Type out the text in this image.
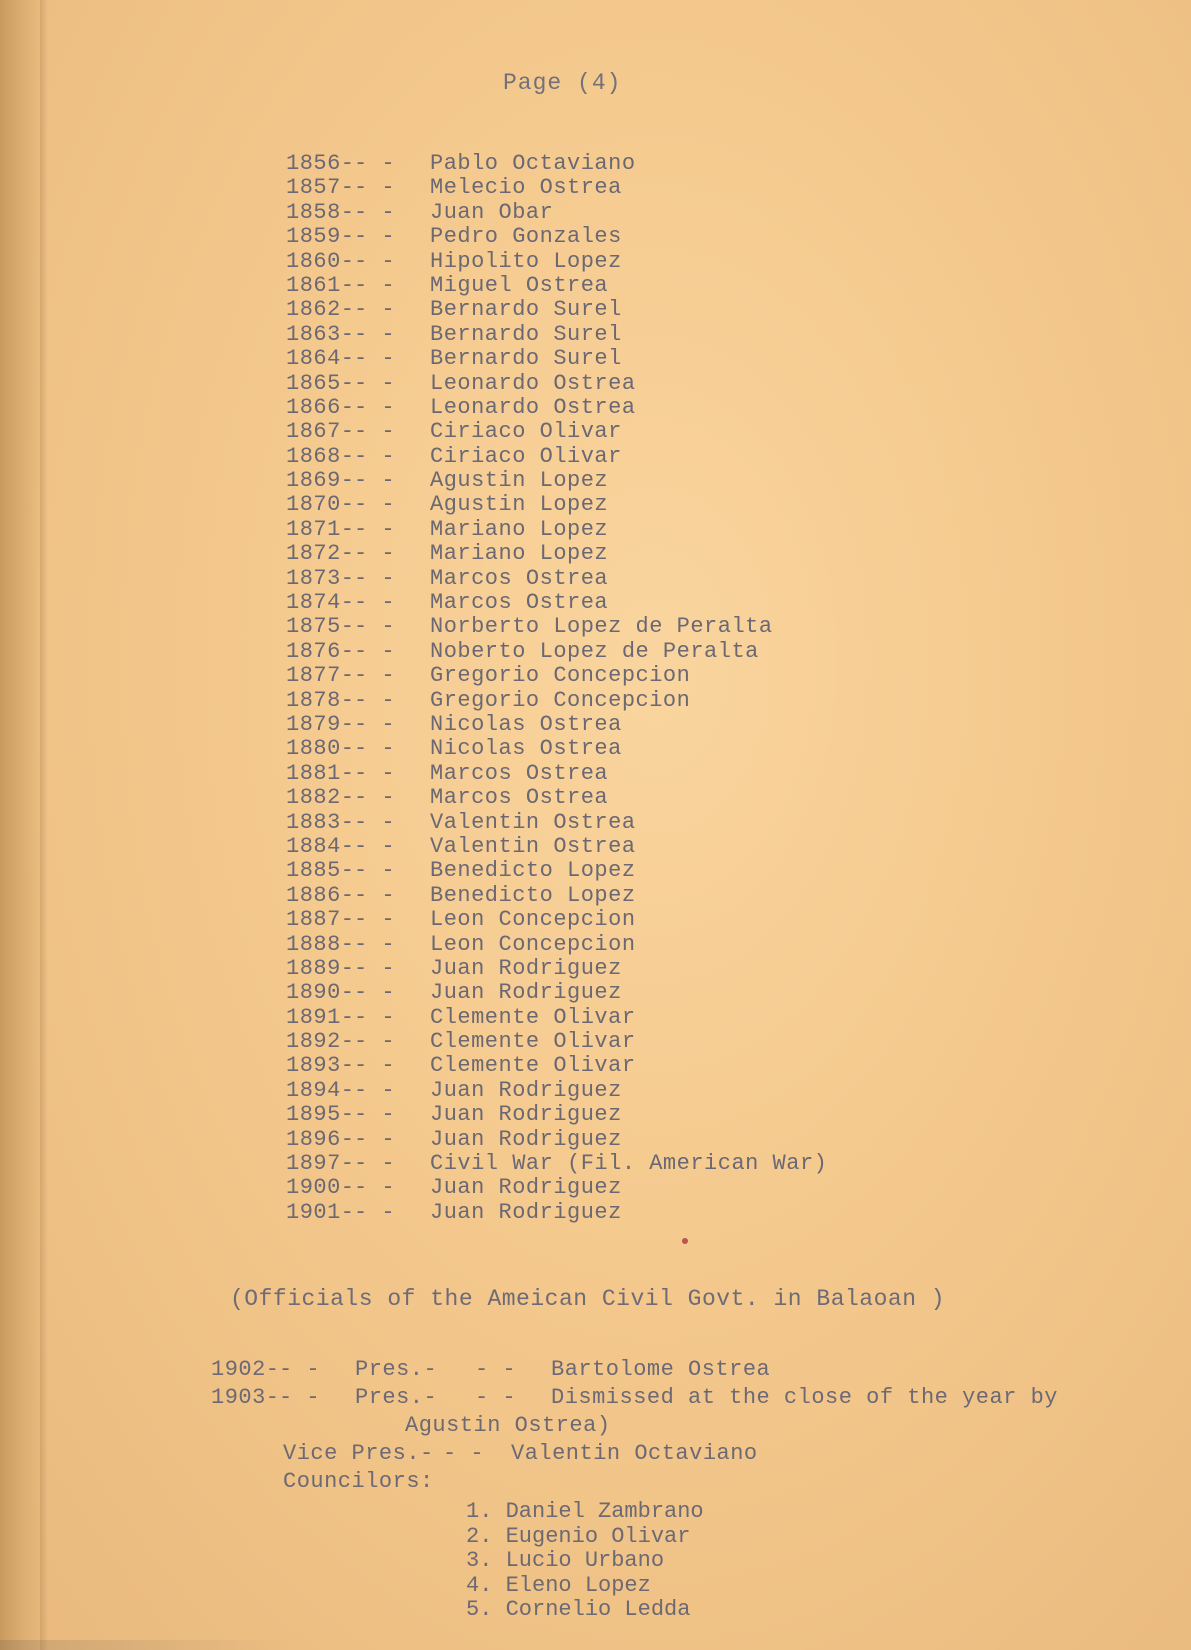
Page (4)
1856-- - Pablo Octaviano
1857-- - Melecio Ostrea
1858-- - Juan Obar
1859-- - Pedro Gonzales
1860-- - Hipolito Lopez
1861-- - Miguel Ostrea
1862-- - Bernardo Surel
1863-- - Bernardo Surel
1864-- - Bernardo Surel
1865-- - Leonardo Ostrea
1866-- - Leonardo Ostrea
1867-- - Ciriaco Olivar
1868-- - Ciriaco Olivar
1869-- - Agustin Lopez
1870-- - Agustin Lopez
1871-- - Mariano Lopez
1872-- - Mariano Lopez
1873-- - Marcos Ostrea
1874-- - Marcos Ostrea
1875-- - Norberto Lopez de Peralta
1876-- - Noberto Lopez de Peralta
1877-- - Gregorio Concepcion
1878-- - Gregorio Concepcion
1879-- - Nicolas Ostrea
1880-- - Nicolas Ostrea
1881-- - Marcos Ostrea
1882-- - Marcos Ostrea
1883-- - Valentin Ostrea
1884-- - Valentin Ostrea
1885-- - Benedicto Lopez
1886-- - Benedicto Lopez
1887-- - Leon Concepcion
1888-- - Leon Concepcion
1889-- - Juan Rodriguez
1890-- - Juan Rodriguez
1891-- - Clemente Olivar
1892-- - Clemente Olivar
1893-- - Clemente Olivar
1894-- - Juan Rodriguez
1895-- - Juan Rodriguez
1896-- - Juan Rodriguez
1897-- - Civil War (Fil. American War)
1900-- - Juan Rodriguez
1901-- - Juan Rodriguez
(Officials of the Ameican Civil Govt. in Balaoan )
1902-- - Pres.- - - Bartolome Ostrea
1903-- - Pres.- - - Dismissed at the close of the year by
Agustin Ostrea)
Vice Pres.- - - Valentin Octaviano
Councilors:
1. Daniel Zambrano
2. Eugenio Olivar
3. Lucio Urbano
4. Eleno Lopez
5. Cornelio Ledda
